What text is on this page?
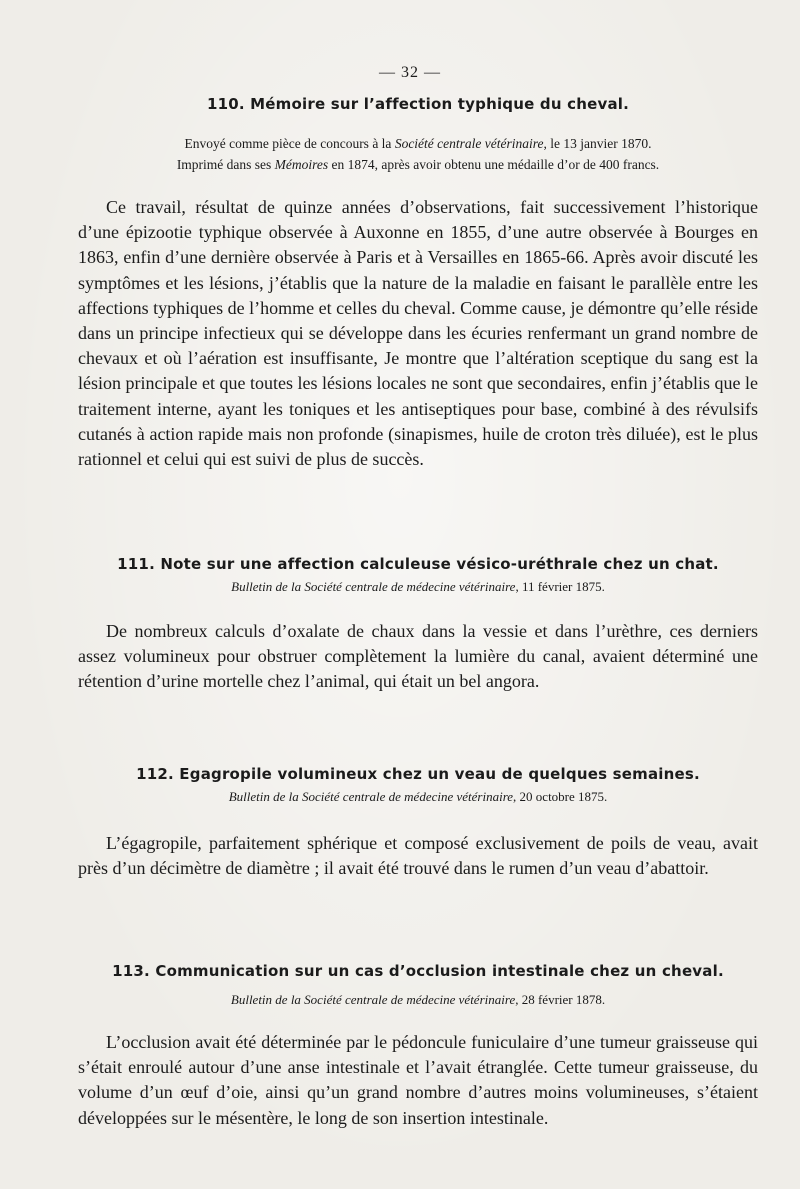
— 32 —

110. Mémoire sur l’affection typhique du cheval.

Envoyé comme pièce de concours à la Société centrale vétérinaire, le 13 janvier 1870.
Imprimé dans ses Mémoires en 1874, après avoir obtenu une médaille d’or de 400 francs.

Ce travail, résultat de quinze années d’observations, fait successivement l’historique d’une épizootie typhique observée à Auxonne en 1855, d’une autre observée à Bourges en 1863, enfin d’une dernière observée à Paris et à Versailles en 1865-66. Après avoir discuté les symptômes et les lésions, j’établis que la nature de la maladie en faisant le parallèle entre les affections typhiques de l’homme et celles du cheval. Comme cause, je démontre qu’elle réside dans un principe infectieux qui se développe dans les écuries renfermant un grand nombre de chevaux et où l’aération est insuffisante, Je montre que l’altération sceptique du sang est la lésion principale et que toutes les lésions locales ne sont que secondaires, enfin j’établis que le traitement interne, ayant les toniques et les antiseptiques pour base, combiné à des révulsifs cutanés à action rapide mais non profonde (sinapismes, huile de croton très diluée), est le plus rationnel et celui qui est suivi de plus de succès.

111. Note sur une affection calculeuse vésico-uréthrale chez un chat.

Bulletin de la Société centrale de médecine vétérinaire, 11 février 1875.

De nombreux calculs d’oxalate de chaux dans la vessie et dans l’urèthre, ces derniers assez volumineux pour obstruer complètement la lumière du canal, avaient déterminé une rétention d’urine mortelle chez l’animal, qui était un bel angora.

112. Egagropile volumineux chez un veau de quelques semaines.

Bulletin de la Société centrale de médecine vétérinaire, 20 octobre 1875.

L’égagropile, parfaitement sphérique et composé exclusivement de poils de veau, avait près d’un décimètre de diamètre ; il avait été trouvé dans le rumen d’un veau d’abattoir.

113. Communication sur un cas d’occlusion intestinale chez un cheval.

Bulletin de la Société centrale de médecine vétérinaire, 28 février 1878.

L’occlusion avait été déterminée par le pédoncule funiculaire d’une tumeur graisseuse qui s’était enroulé autour d’une anse intestinale et l’avait étranglée. Cette tumeur graisseuse, du volume d’un œuf d’oie, ainsi qu’un grand nombre d’autres moins volumineuses, s’étaient développées sur le mésentère, le long de son insertion intestinale.
